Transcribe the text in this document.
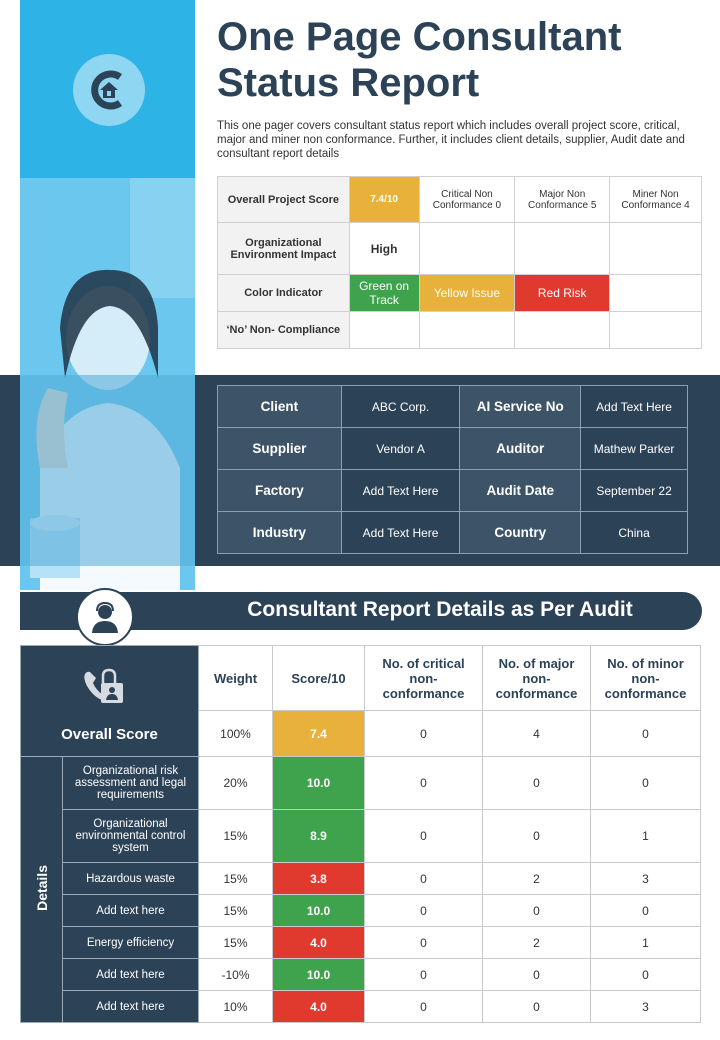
One Page Consultant
Status Report
This one pager covers consultant status report which includes overall project score, critical, major and miner non conformance. Further, it includes client details, supplier, Audit date and consultant report details
Overall Project Score	7.4/10	Critical Non Conformance 0	Major Non Conformance 5	Miner Non Conformance 4
Organizational Environment Impact	High			
Color Indicator	Green on Track	Yellow Issue	Red Risk	
‘No’ Non- Compliance				
Client	ABC Corp.	AI Service No	Add Text Here
Supplier	Vendor A	Auditor	Mathew Parker
Factory	Add Text Here	Audit Date	September 22
Industry	Add Text Here	Country	China
Consultant Report Details as Per Audit
Overall Score		Weight	Score/10	No. of critical non-conformance	No. of major non-conformance	No. of minor non-conformance
		100%	7.4	0	4	0
Details	Organizational risk assessment and legal requirements	20%	10.0	0	0	0
	Organizational environmental control system	15%	8.9	0	0	1
	Hazardous waste	15%	3.8	0	2	3
	Add text here	15%	10.0	0	0	0
	Energy efficiency	15%	4.0	0	2	1
	Add text here	-10%	10.0	0	0	0
	Add text here	10%	4.0	0	0	3
